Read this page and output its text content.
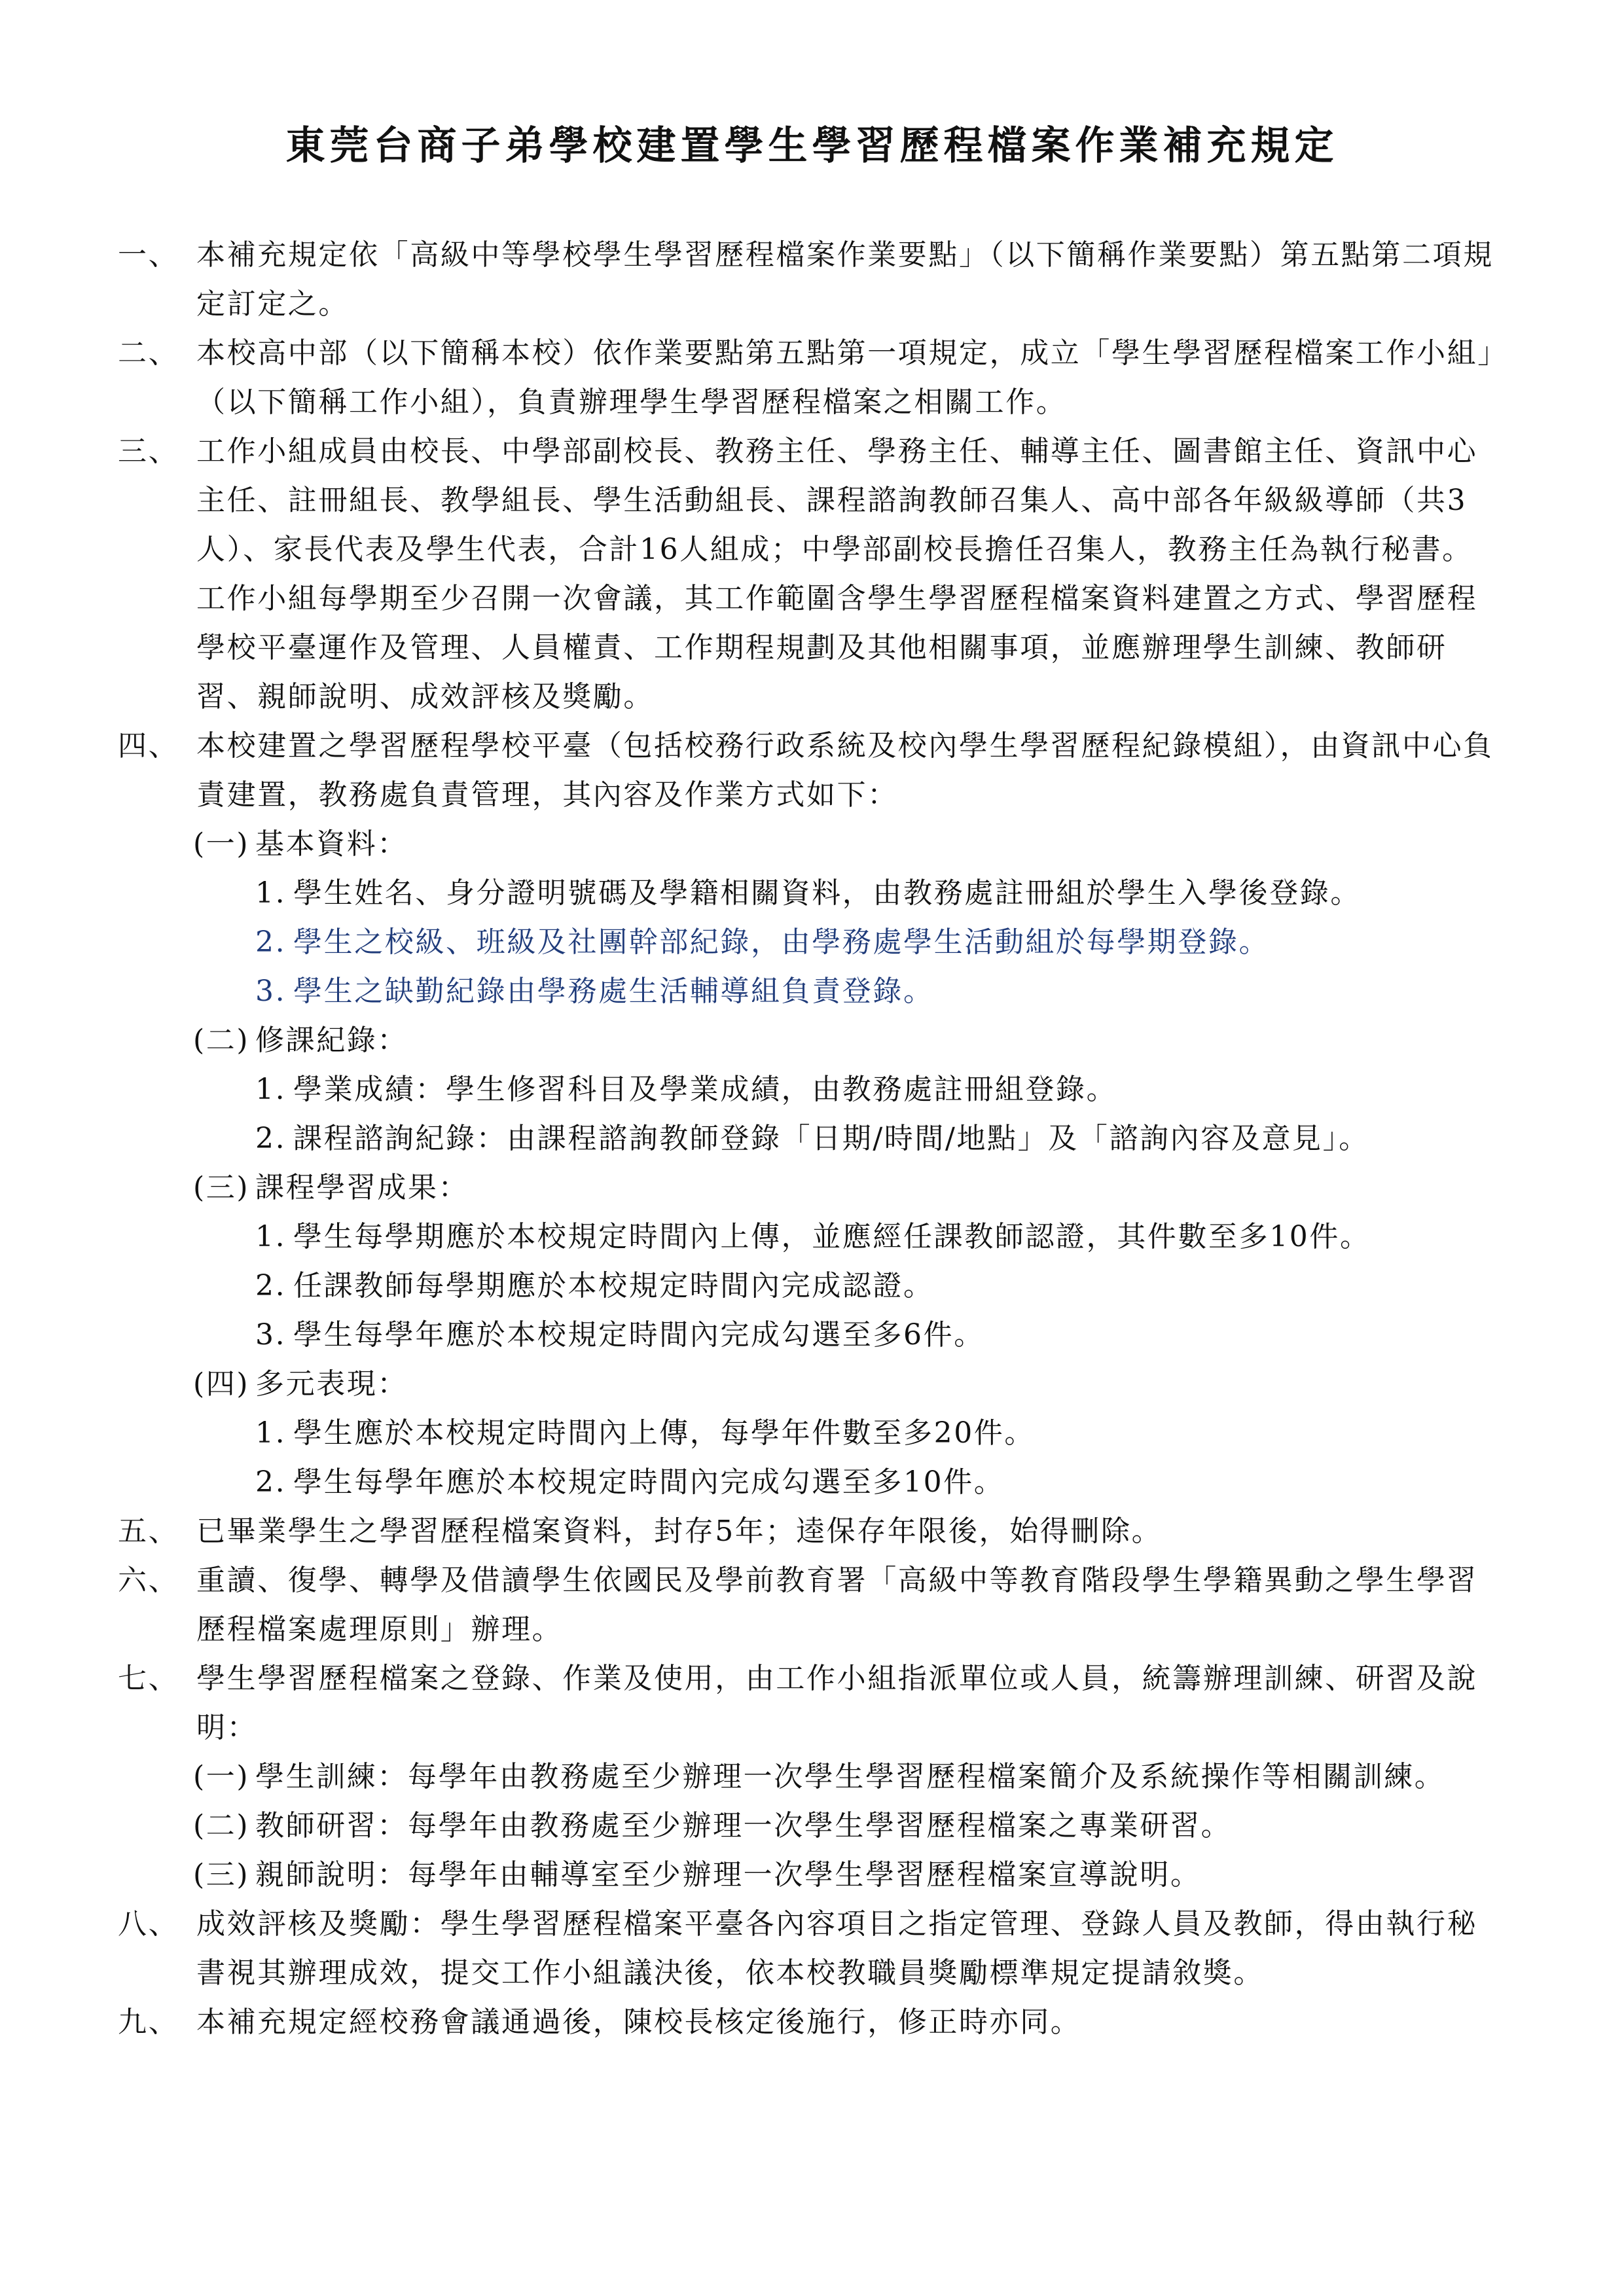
東莞台商子弟學校建置學生學習歷程檔案作業補充規定
一、 本補充規定依「高級中等學校學生學習歷程檔案作業要點」（以下簡稱作業要點）第五點第二項規定訂定之。
二、 本校高中部（以下簡稱本校）依作業要點第五點第一項規定，成立「學生學習歷程檔案工作小組」（以下簡稱工作小組），負責辦理學生學習歷程檔案之相關工作。
三、 工作小組成員由校長、中學部副校長、教務主任、學務主任、輔導主任、圖書館主任、資訊中心主任、註冊組長、教學組長、學生活動組長、課程諮詢教師召集人、高中部各年級級導師（共3人）、家長代表及學生代表，合計16人組成；中學部副校長擔任召集人，教務主任為執行秘書。
工作小組每學期至少召開一次會議，其工作範圍含學生學習歷程檔案資料建置之方式、學習歷程學校平臺運作及管理、人員權責、工作期程規劃及其他相關事項，並應辦理學生訓練、教師研習、親師說明、成效評核及獎勵。
四、 本校建置之學習歷程學校平臺（包括校務行政系統及校內學生學習歷程紀錄模組），由資訊中心負責建置，教務處負責管理，其內容及作業方式如下：
(一) 基本資料：
1. 學生姓名、身分證明號碼及學籍相關資料，由教務處註冊組於學生入學後登錄。
2. 學生之校級、班級及社團幹部紀錄，由學務處學生活動組於每學期登錄。
3. 學生之缺勤紀錄由學務處生活輔導組負責登錄。
(二) 修課紀錄：
1. 學業成績：學生修習科目及學業成績，由教務處註冊組登錄。
2. 課程諮詢紀錄：由課程諮詢教師登錄「日期/時間/地點」及「諮詢內容及意見」。
(三) 課程學習成果：
1. 學生每學期應於本校規定時間內上傳，並應經任課教師認證，其件數至多10件。
2. 任課教師每學期應於本校規定時間內完成認證。
3. 學生每學年應於本校規定時間內完成勾選至多6件。
(四) 多元表現：
1. 學生應於本校規定時間內上傳，每學年件數至多20件。
2. 學生每學年應於本校規定時間內完成勾選至多10件。
五、 已畢業學生之學習歷程檔案資料，封存5年；逵保存年限後，始得刪除。
六、 重讀、復學、轉學及借讀學生依國民及學前教育署「高級中等教育階段學生學籍異動之學生學習歷程檔案處理原則」辦理。
七、 學生學習歷程檔案之登錄、作業及使用，由工作小組指派單位或人員，統籌辦理訓練、研習及說明：
(一) 學生訓練：每學年由教務處至少辦理一次學生學習歷程檔案簡介及系統操作等相關訓練。
(二) 教師研習：每學年由教務處至少辦理一次學生學習歷程檔案之專業研習。
(三) 親師說明：每學年由輔導室至少辦理一次學生學習歷程檔案宣導說明。
八、 成效評核及獎勵：學生學習歷程檔案平臺各內容項目之指定管理、登錄人員及教師，得由執行秘書視其辦理成效，提交工作小組議決後，依本校教職員獎勵標準規定提請敘獎。
九、 本補充規定經校務會議通過後，陳校長核定後施行，修正時亦同。
